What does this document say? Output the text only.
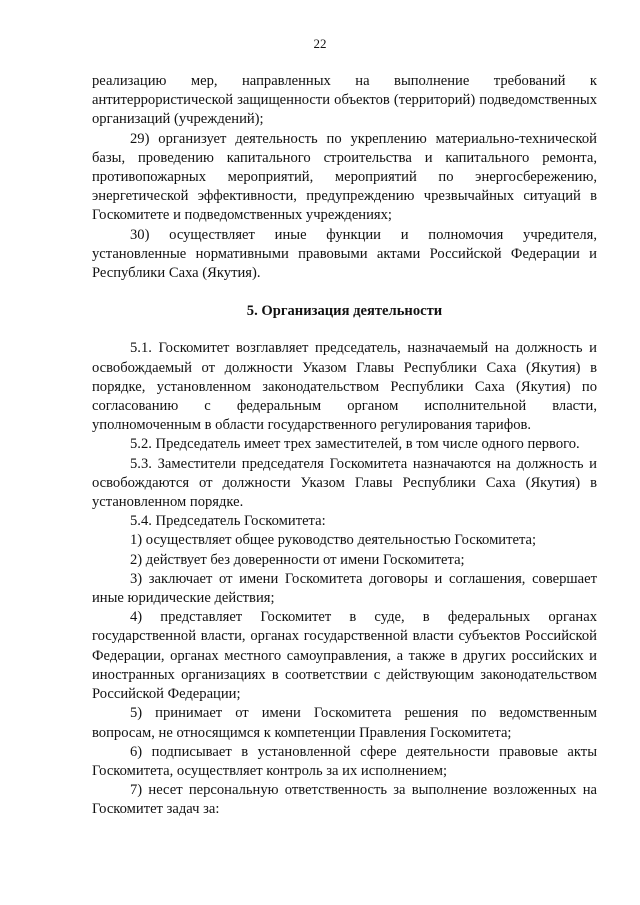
22

реализацию мер, направленных на выполнение требований к антитеррористической защищенности объектов (территорий) подведомственных организаций (учреждений);

29) организует деятельность по укреплению материально-технической базы, проведению капитального строительства и капитального ремонта, противопожарных мероприятий, мероприятий по энергосбережению, энергетической эффективности, предупреждению чрезвычайных ситуаций в Госкомитете и подведомственных учреждениях;

30) осуществляет иные функции и полномочия учредителя, установленные нормативными правовыми актами Российской Федерации и Республики Саха (Якутия).

5. Организация деятельности

5.1. Госкомитет возглавляет председатель, назначаемый на должность и освобождаемый от должности Указом Главы Республики Саха (Якутия) в порядке, установленном законодательством Республики Саха (Якутия) по согласованию с федеральным органом исполнительной власти, уполномоченным в области государственного регулирования тарифов.

5.2. Председатель имеет трех заместителей, в том числе одного первого.

5.3. Заместители председателя Госкомитета назначаются на должность и освобождаются от должности Указом Главы Республики Саха (Якутия) в установленном порядке.

5.4. Председатель Госкомитета:

1) осуществляет общее руководство деятельностью Госкомитета;

2) действует без доверенности от имени Госкомитета;

3) заключает от имени Госкомитета договоры и соглашения, совершает иные юридические действия;

4) представляет Госкомитет в суде, в федеральных органах государственной власти, органах государственной власти субъектов Российской Федерации, органах местного самоуправления, а также в других российских и иностранных организациях в соответствии с действующим законодательством Российской Федерации;

5) принимает от имени Госкомитета решения по ведомственным вопросам, не относящимся к компетенции Правления Госкомитета;

6) подписывает в установленной сфере деятельности правовые акты Госкомитета, осуществляет контроль за их исполнением;

7) несет персональную ответственность за выполнение возложенных на Госкомитет задач за:
